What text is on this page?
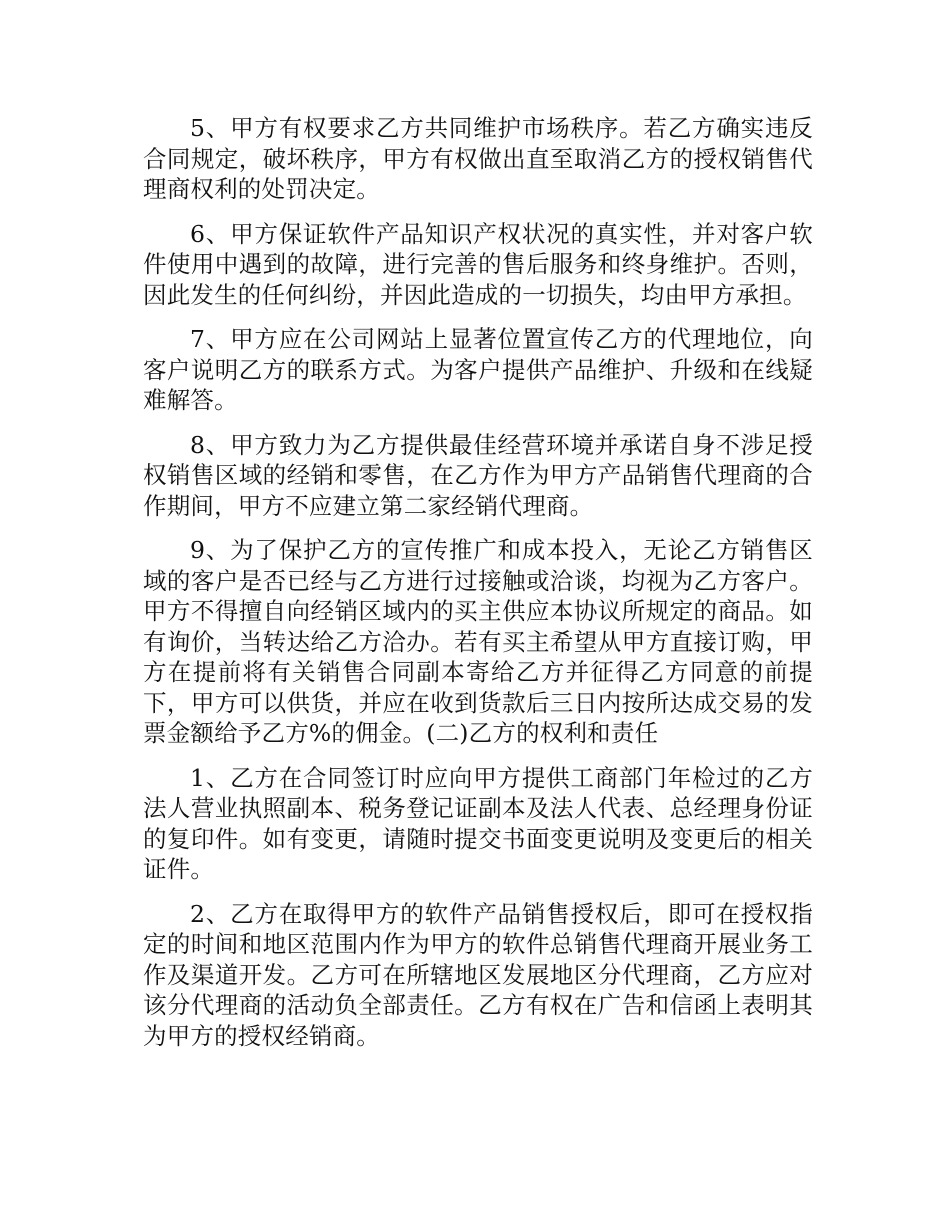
5、甲方有权要求乙方共同维护市场秩序。若乙方确实违反合同规定，破坏秩序，甲方有权做出直至取消乙方的授权销售代理商权利的处罚决定。

6、甲方保证软件产品知识产权状况的真实性，并对客户软件使用中遇到的故障，进行完善的售后服务和终身维护。否则，因此发生的任何纠纷，并因此造成的一切损失，均由甲方承担。

7、甲方应在公司网站上显著位置宣传乙方的代理地位，向客户说明乙方的联系方式。为客户提供产品维护、升级和在线疑难解答。

8、甲方致力为乙方提供最佳经营环境并承诺自身不涉足授权销售区域的经销和零售，在乙方作为甲方产品销售代理商的合作期间，甲方不应建立第二家经销代理商。

9、为了保护乙方的宣传推广和成本投入，无论乙方销售区域的客户是否已经与乙方进行过接触或洽谈，均视为乙方客户。甲方不得擅自向经销区域内的买主供应本协议所规定的商品。如有询价，当转达给乙方洽办。若有买主希望从甲方直接订购，甲方在提前将有关销售合同副本寄给乙方并征得乙方同意的前提下，甲方可以供货，并应在收到货款后三日内按所达成交易的发票金额给予乙方%的佣金。(二)乙方的权利和责任

1、乙方在合同签订时应向甲方提供工商部门年检过的乙方法人营业执照副本、税务登记证副本及法人代表、总经理身份证的复印件。如有变更，请随时提交书面变更说明及变更后的相关证件。

2、乙方在取得甲方的软件产品销售授权后，即可在授权指定的时间和地区范围内作为甲方的软件总销售代理商开展业务工作及渠道开发。乙方可在所辖地区发展地区分代理商，乙方应对该分代理商的活动负全部责任。乙方有权在广告和信函上表明其为甲方的授权经销商。
